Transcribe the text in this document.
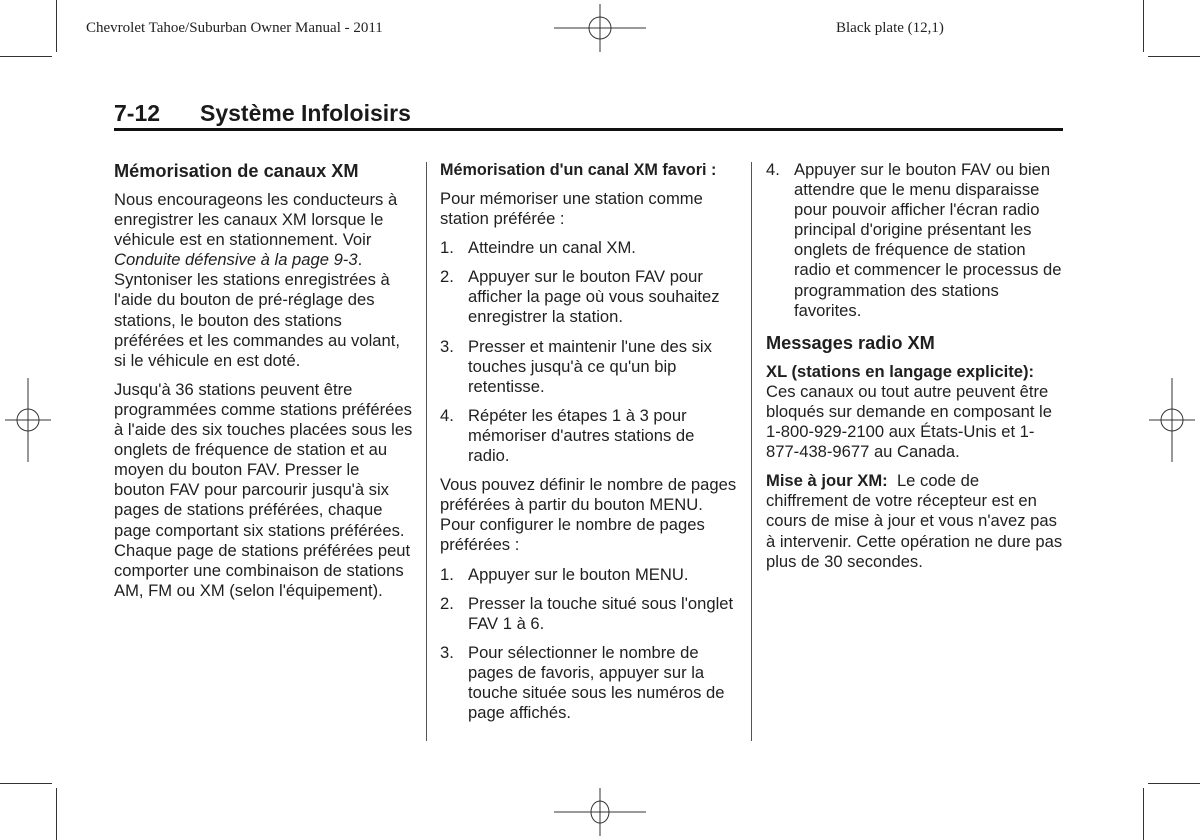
Chevrolet Tahoe/Suburban Owner Manual - 2011	Black plate (12,1)
7-12 Système Infoloisirs
Mémorisation de canaux XM

Nous encourageons les conducteurs à enregistrer les canaux XM lorsque le véhicule est en stationnement. Voir Conduite défensive à la page 9-3. Syntoniser les stations enregistrées à l'aide du bouton de pré-réglage des stations, le bouton des stations préférées et les commandes au volant, si le véhicule en est doté.

Jusqu'à 36 stations peuvent être programmées comme stations préférées à l'aide des six touches placées sous les onglets de fréquence de station et au moyen du bouton FAV. Presser le bouton FAV pour parcourir jusqu'à six pages de stations préférées, chaque page comportant six stations préférées. Chaque page de stations préférées peut comporter une combinaison de stations AM, FM ou XM (selon l'équipement).

Mémorisation d'un canal XM favori :

Pour mémoriser une station comme station préférée :

1. Atteindre un canal XM.
2. Appuyer sur le bouton FAV pour afficher la page où vous souhaitez enregistrer la station.
3. Presser et maintenir l'une des six touches jusqu'à ce qu'un bip retentisse.
4. Répéter les étapes 1 à 3 pour mémoriser d'autres stations de radio.

Vous pouvez définir le nombre de pages préférées à partir du bouton MENU. Pour configurer le nombre de pages préférées :

1. Appuyer sur le bouton MENU.
2. Presser la touche situé sous l'onglet FAV 1 à 6.
3. Pour sélectionner le nombre de pages de favoris, appuyer sur la touche située sous les numéros de page affichés.
4. Appuyer sur le bouton FAV ou bien attendre que le menu disparaisse pour pouvoir afficher l'écran radio principal d'origine présentant les onglets de fréquence de station radio et commencer le processus de programmation des stations favorites.
Messages radio XM

XL (stations en langage explicite):  Ces canaux ou tout autre peuvent être bloqués sur demande en composant le 1-800-929-2100 aux États-Unis et 1-877-438-9677 au Canada.

Mise à jour XM: Le code de chiffrement de votre récepteur est en cours de mise à jour et vous n'avez pas à intervenir. Cette opération ne dure pas plus de 30 secondes.
